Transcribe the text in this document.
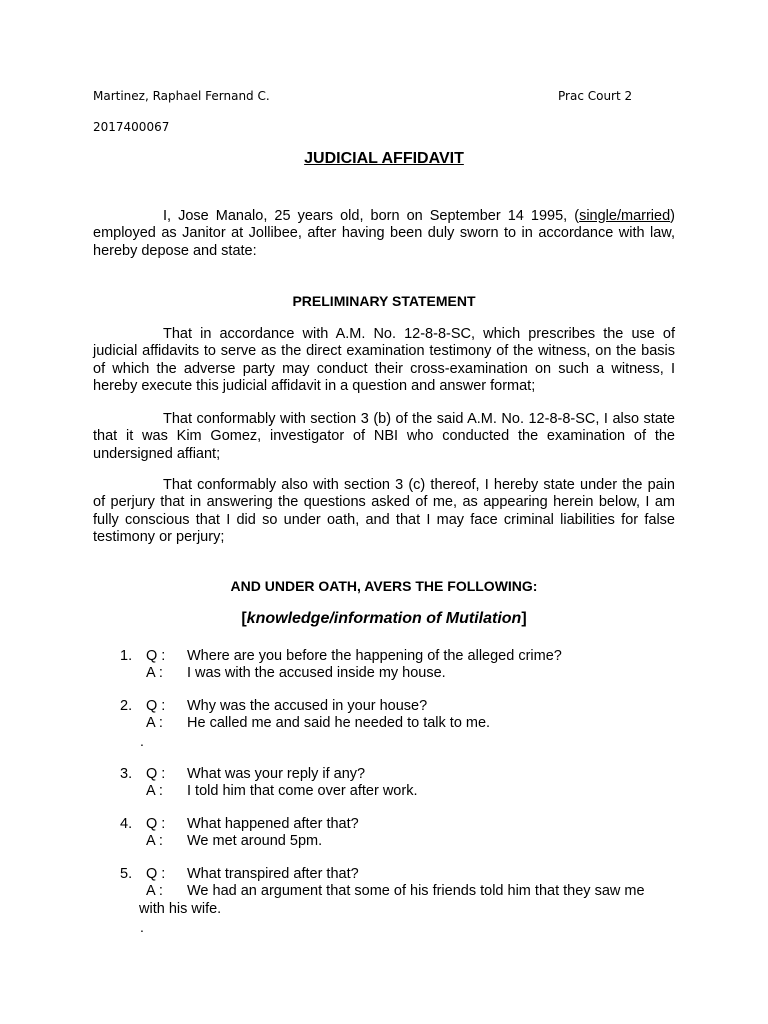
Martinez, Raphael Fernand C.	Prac Court 2
2017400067
JUDICIAL AFFIDAVIT

I, Jose Manalo, 25 years old, born on September 14 1995, (single/married) employed as Janitor at Jollibee, after having been duly sworn to in accordance with law, hereby depose and state:

PRELIMINARY STATEMENT

That in accordance with A.M. No. 12-8-8-SC, which prescribes the use of judicial affidavits to serve as the direct examination testimony of the witness, on the basis of which the adverse party may conduct their cross-examination on such a witness, I hereby execute this judicial affidavit in a question and answer format;

That conformably with section 3 (b) of the said A.M. No. 12-8-8-SC, I also state that it was Kim Gomez, investigator of NBI who conducted the examination of the undersigned affiant;

That conformably also with section 3 (c) thereof, I hereby state under the pain of perjury that in answering the questions asked of me, as appearing herein below, I am fully conscious that I did so under oath, and that I may face criminal liabilities for false testimony or perjury;

AND UNDER OATH, AVERS THE FOLLOWING:
[knowledge/information of Mutilation]
1. Q : Where are you before the happening of the alleged crime?
A : I was with the accused inside my house.
2. Q : Why was the accused in your house?
A : He called me and said he needed to talk to me.
.
3. Q : What was your reply if any?
A : I told him that come over after work.
4. Q : What happened after that?
A : We met around 5pm.
5. Q : What transpired after that?
A : We had an argument that some of his friends told him that they saw me
with his wife.
.
